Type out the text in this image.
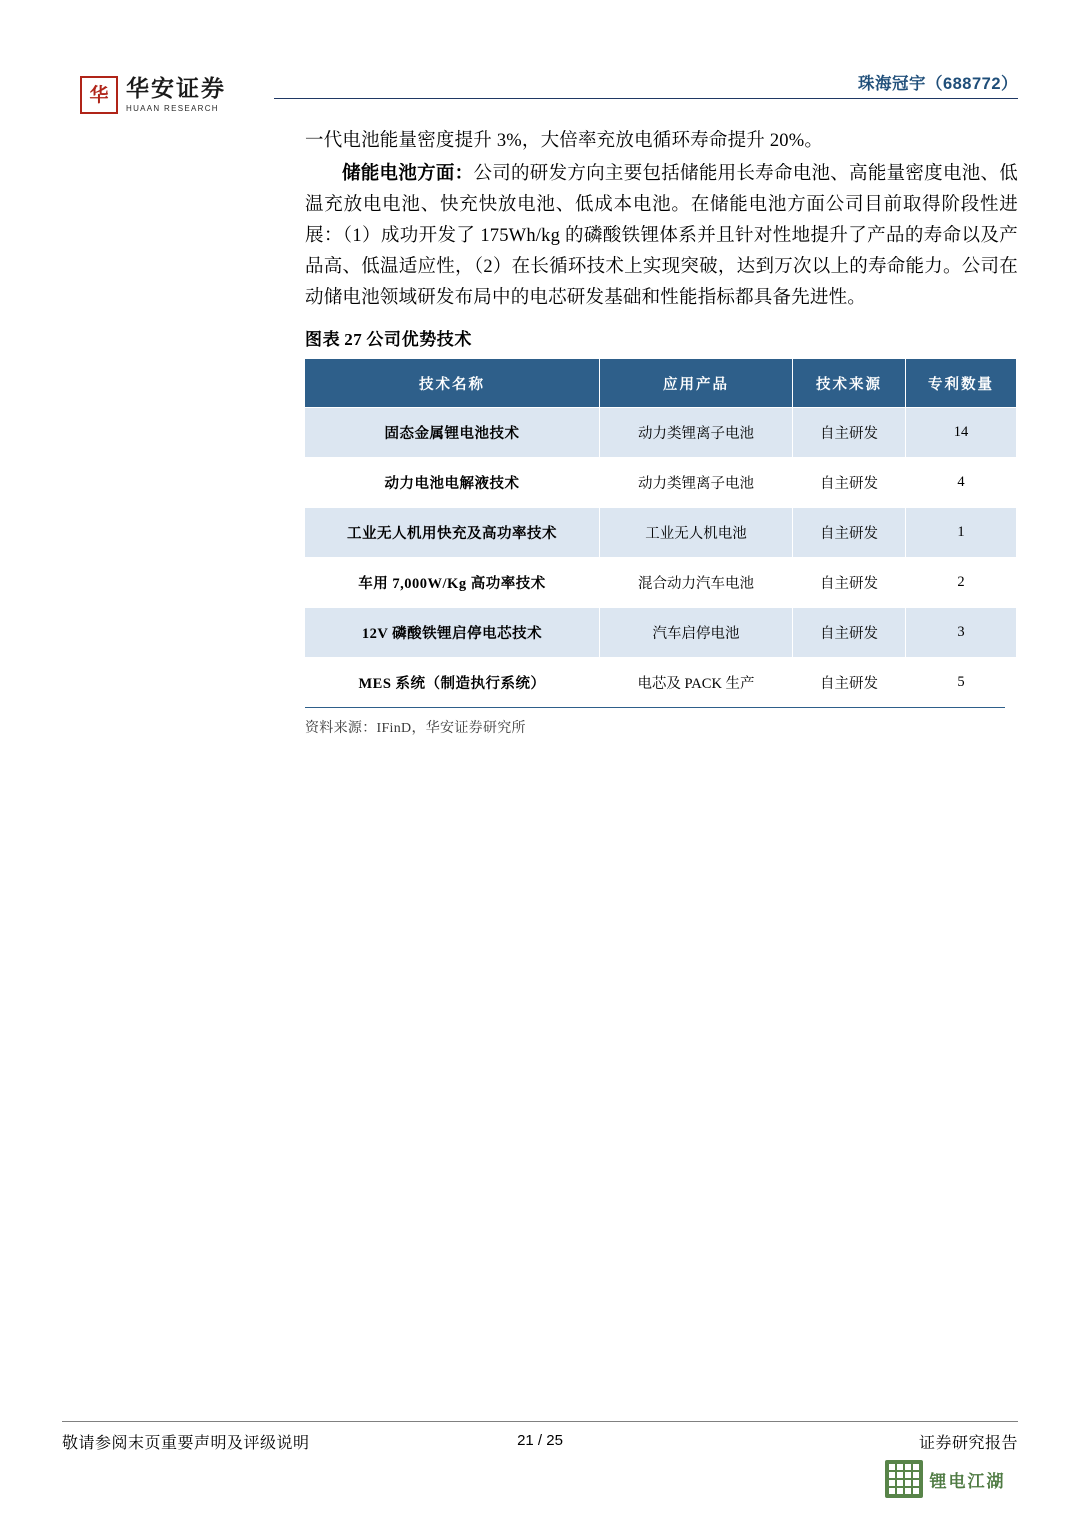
华 华安证券
HUAAN RESEARCH
珠海冠宇（688772）

一代电池能量密度提升 3%，大倍率充放电循环寿命提升 20%。

储能电池方面：公司的研发方向主要包括储能用长寿命电池、高能量密度电池、低温充放电电池、快充快放电池、低成本电池。在储能电池方面公司目前取得阶段性进展：（1）成功开发了 175Wh/kg 的磷酸铁锂体系并且针对性地提升了产品的寿命以及产品高、低温适应性，（2）在长循环技术上实现突破，达到万次以上的寿命能力。公司在动储电池领域研发布局中的电芯研发基础和性能指标都具备先进性。

图表 27 公司优势技术
技术名称	应用产品	技术来源	专利数量
固态金属锂电池技术	动力类锂离子电池	自主研发	14
动力电池电解液技术	动力类锂离子电池	自主研发	4
工业无人机用快充及高功率技术	工业无人机电池	自主研发	1
车用 7,000W/Kg 高功率技术	混合动力汽车电池	自主研发	2
12V 磷酸铁锂启停电芯技术	汽车启停电池	自主研发	3
MES 系统（制造执行系统）	电芯及 PACK 生产	自主研发	5
资料来源：IFinD，华安证券研究所
敬请参阅末页重要声明及评级说明	21 / 25	证券研究报告
锂电江湖
